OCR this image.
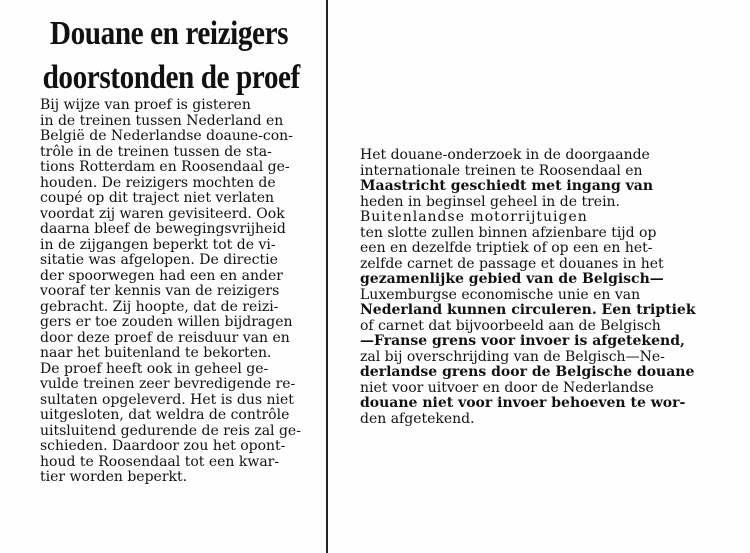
Douane en reizigers
doorstonden de proef
Bij wijze van proef is gisteren
in de treinen tussen Nederland en
België de Nederlandse doaune-con-
trôle in de treinen tussen de sta-
tions Rotterdam en Roosendaal ge-
houden. De reizigers mochten de
coupé op dit traject niet verlaten
voordat zij waren gevisiteerd. Ook
daarna bleef de bewegingsvrijheid
in de zijgangen beperkt tot de vi-
sitatie was afgelopen. De directie
der spoorwegen had een en ander
vooraf ter kennis van de reizigers
gebracht. Zij hoopte, dat de reizi-
gers er toe zouden willen bijdragen
door deze proef de reisduur van en
naar het buitenland te bekorten.
De proef heeft ook in geheel ge-
vulde treinen zeer bevredigende re-
sultaten opgeleverd. Het is dus niet
uitgesloten, dat weldra de contrôle
uitsluitend gedurende de reis zal ge-
schieden. Daardoor zou het opont-
houd te Roosendaal tot een kwar-
tier worden beperkt.
Het douane-onderzoek in de doorgaande
internationale treinen te Roosendaal en
Maastricht geschiedt met ingang van
heden in beginsel geheel in de trein.
Buitenlandse motorrijtuigen
ten slotte zullen binnen afzienbare tijd op
een en dezelfde triptiek of op een en het-
zelfde carnet de passage et douanes in het
gezamenlijke gebied van de Belgisch—
Luxemburgse economische unie en van
Nederland kunnen circuleren. Een triptiek
of carnet dat bijvoorbeeld aan de Belgisch
—Franse grens voor invoer is afgetekend,
zal bij overschrijding van de Belgisch—Ne-
derlandse grens door de Belgische douane
niet voor uitvoer en door de Nederlandse
douane niet voor invoer behoeven te wor-
den afgetekend.
